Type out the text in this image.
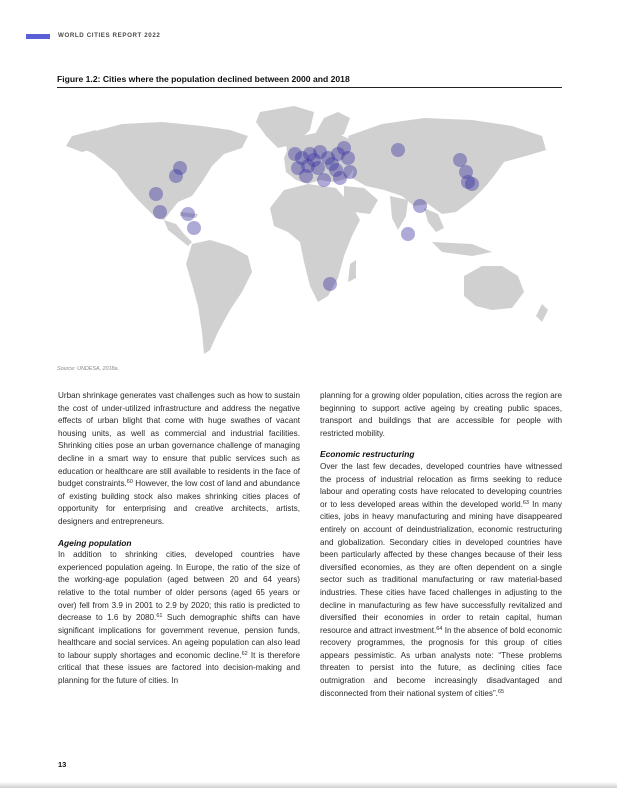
WORLD CITIES REPORT 2022
Figure 1.2: Cities where the population declined between 2000 and 2018
Source: UNDESA, 2018a.

Urban shrinkage generates vast challenges such as how to sustain the cost of under-utilized infrastructure and address the negative effects of urban blight that come with huge swathes of vacant housing units, as well as commercial and industrial facilities. Shrinking cities pose an urban governance challenge of managing decline in a smart way to ensure that public services such as education or healthcare are still available to residents in the face of budget constraints.$^{60}$ However, the low cost of land and abundance of existing building stock also makes shrinking cities places of opportunity for enterprising and creative architects, artists, designers and entrepreneurs.

Ageing population

In addition to shrinking cities, developed countries have experienced population ageing. In Europe, the ratio of the size of the working-age population (aged between 20 and 64 years) relative to the total number of older persons (aged 65 years or over) fell from 3.9 in 2001 to 2.9 by 2020; this ratio is predicted to decrease to 1.6 by 2080.61 Such demographic shifts can have significant implications for government revenue, pension funds, healthcare and social services. An ageing population can also lead to labour supply shortages and economic decline.$^{62}$ It is therefore critical that these issues are factored into decision-making and planning for the future of cities. In

planning for a growing older population, cities across the region are beginning to support active ageing by creating public spaces, transport and buildings that are accessible for people with restricted mobility.

Economic restructuring

Over the last few decades, developed countries have witnessed the process of industrial relocation as firms seeking to reduce labour and operating costs have relocated to developing countries or to less developed areas within the developed world.$^{63}$ In many cities, jobs in heavy manufacturing and mining have disappeared entirely on account of deindustrialization, economic restructuring and globalization. Secondary cities in developed countries have been particularly affected by these changes because of their less diversified economies, as they are often dependent on a single sector such as traditional manufacturing or raw material-based industries. These cities have faced challenges in adjusting to the decline in manufacturing as few have successfully revitalized and diversified their economies in order to retain capital, human resource and attract investment.$^{64}$ In the absence of bold economic recovery programmes, the prognosis for this group of cities appears pessimistic. As urban analysts note: “These problems threaten to persist into the future, as declining cities face outmigration and become increasingly disadvantaged and disconnected from their national system of cities”.$^{65}$

13
